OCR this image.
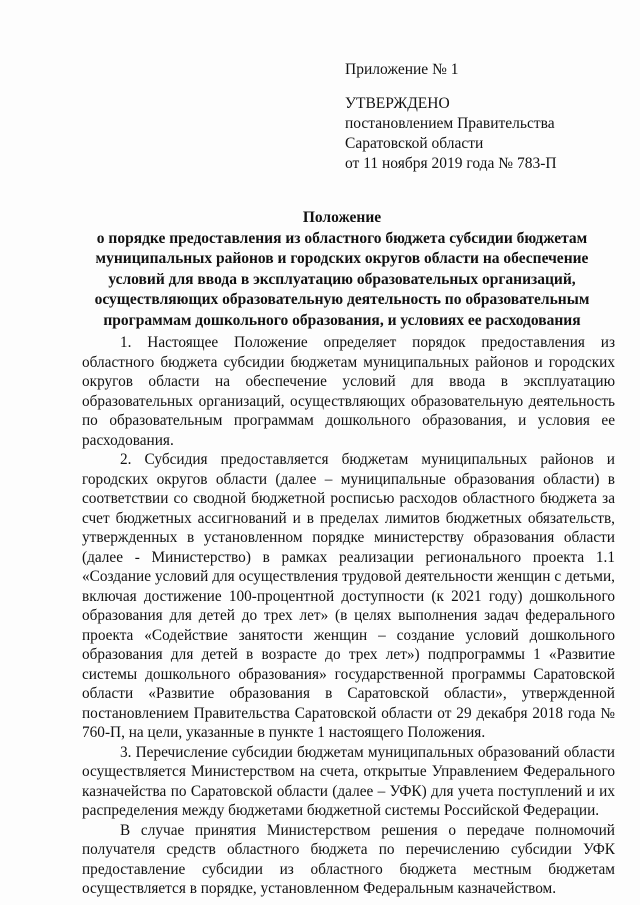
Приложение № 1
УТВЕРЖДЕНО
постановлением Правительства
Саратовской области
от 11 ноября 2019 года № 783-П
Положение
о порядке предоставления из областного бюджета субсидии бюджетам
муниципальных районов и городских округов области на обеспечение
условий для ввода в эксплуатацию образовательных организаций,
осуществляющих образовательную деятельность по образовательным
программам дошкольного образования, и условиях ее расходования

1. Настоящее Положение определяет порядок предоставления из областного бюджета субсидии бюджетам муниципальных районов и городских округов области на обеспечение условий для ввода в эксплуатацию образовательных организаций, осуществляющих образовательную деятельность по образовательным программам дошкольного образования, и условия ее расходования.

2. Субсидия предоставляется бюджетам муниципальных районов и городских округов области (далее – муниципальные образования области) в соответствии со сводной бюджетной росписью расходов областного бюджета за счет бюджетных ассигнований и в пределах лимитов бюджетных обязательств, утвержденных в установленном порядке министерству образования области (далее - Министерство) в рамках реализации регионального проекта 1.1 «Создание условий для осуществления трудовой деятельности женщин с детьми, включая достижение 100-процентной доступности (к 2021 году) дошкольного образования для детей до трех лет» (в целях выполнения задач федерального проекта «Содействие занятости женщин – создание условий дошкольного образования для детей в возрасте до трех лет») подпрограммы 1 «Развитие системы дошкольного образования» государственной программы Саратовской области «Развитие образования в Саратовской области», утвержденной постановлением Правительства Саратовской области от 29 декабря 2018 года № 760-П, на цели, указанные в пункте 1 настоящего Положения.

3. Перечисление субсидии бюджетам муниципальных образований области осуществляется Министерством на счета, открытые Управлением Федерального казначейства по Саратовской области (далее – УФК) для учета поступлений и их распределения между бюджетами бюджетной системы Российской Федерации.

В случае принятия Министерством решения о передаче полномочий получателя средств областного бюджета по перечислению субсидии УФК предоставление субсидии из областного бюджета местным бюджетам осуществляется в порядке, установленном Федеральным казначейством.
